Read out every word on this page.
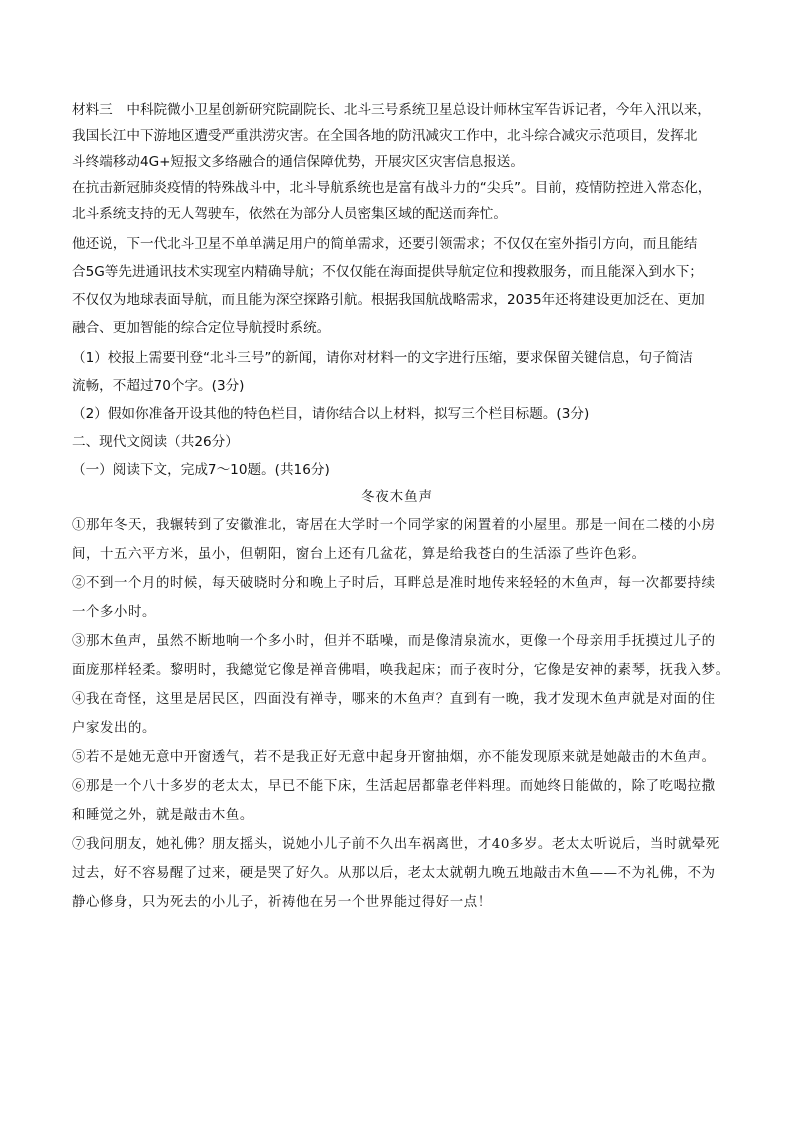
材料三　中科院微小卫星创新研究院副院长、北斗三号系统卫星总设计师林宝军告诉记者，今年入汛以来，
我国长江中下游地区遭受严重洪涝灾害。在全国各地的防汛减灾工作中，北斗综合减灾示范项目，发挥北
斗终端移动4G+短报文多络融合的通信保障优势，开展灾区灾害信息报送。
在抗击新冠肺炎疫情的特殊战斗中，北斗导航系统也是富有战斗力的“尖兵”。目前，疫情防控进入常态化，
北斗系统支持的无人驾驶车，依然在为部分人员密集区域的配送而奔忙。
他还说，下一代北斗卫星不单单满足用户的简单需求，还要引领需求；不仅仅在室外指引方向，而且能结
合5G等先进通讯技术实现室内精确导航；不仅仅能在海面提供导航定位和搜救服务，而且能深入到水下；
不仅仅为地球表面导航，而且能为深空探路引航。根据我国航战略需求，2035年还将建设更加泛在、更加
融合、更加智能的综合定位导航授时系统。
（1）校报上需要刊登“北斗三号”的新闻，请你对材料一的文字进行压缩，要求保留关键信息，句子简洁
流畅，不超过70个字。(3分)
（2）假如你准备开设其他的特色栏目，请你结合以上材料，拟写三个栏目标题。(3分)
二、现代文阅读（共26分）
（一）阅读下文，完成7～10题。(共16分)
冬夜木鱼声
①那年冬天，我辗转到了安徽淮北，寄居在大学时一个同学家的闲置着的小屋里。那是一间在二楼的小房
间，十五六平方米，虽小，但朝阳，窗台上还有几盆花，算是给我苍白的生活添了些许色彩。
②不到一个月的时候，每天破晓时分和晚上子时后，耳畔总是准时地传来轻轻的木鱼声，每一次都要持续
一个多小时。
③那木鱼声，虽然不断地响一个多小时，但并不聒噪，而是像清泉流水，更像一个母亲用手抚摸过儿子的
面庞那样轻柔。黎明时，我總觉它像是禅音佛唱，唤我起床；而子夜时分，它像是安神的素琴，抚我入梦。
④我在奇怪，这里是居民区，四面没有禅寺，哪来的木鱼声？直到有一晚，我才发现木鱼声就是对面的住
户家发出的。
⑤若不是她无意中开窗透气，若不是我正好无意中起身开窗抽烟，亦不能发现原来就是她敲击的木鱼声。
⑥那是一个八十多岁的老太太，早已不能下床，生活起居都靠老伴料理。而她终日能做的，除了吃喝拉撒
和睡觉之外，就是敲击木鱼。
⑦我问朋友，她礼佛？朋友摇头，说她小儿子前不久出车祸离世，才40多岁。老太太听说后，当时就晕死
过去，好不容易醒了过来，硬是哭了好久。从那以后，老太太就朝九晚五地敲击木鱼——不为礼佛，不为
静心修身，只为死去的小儿子，祈祷他在另一个世界能过得好一点！
